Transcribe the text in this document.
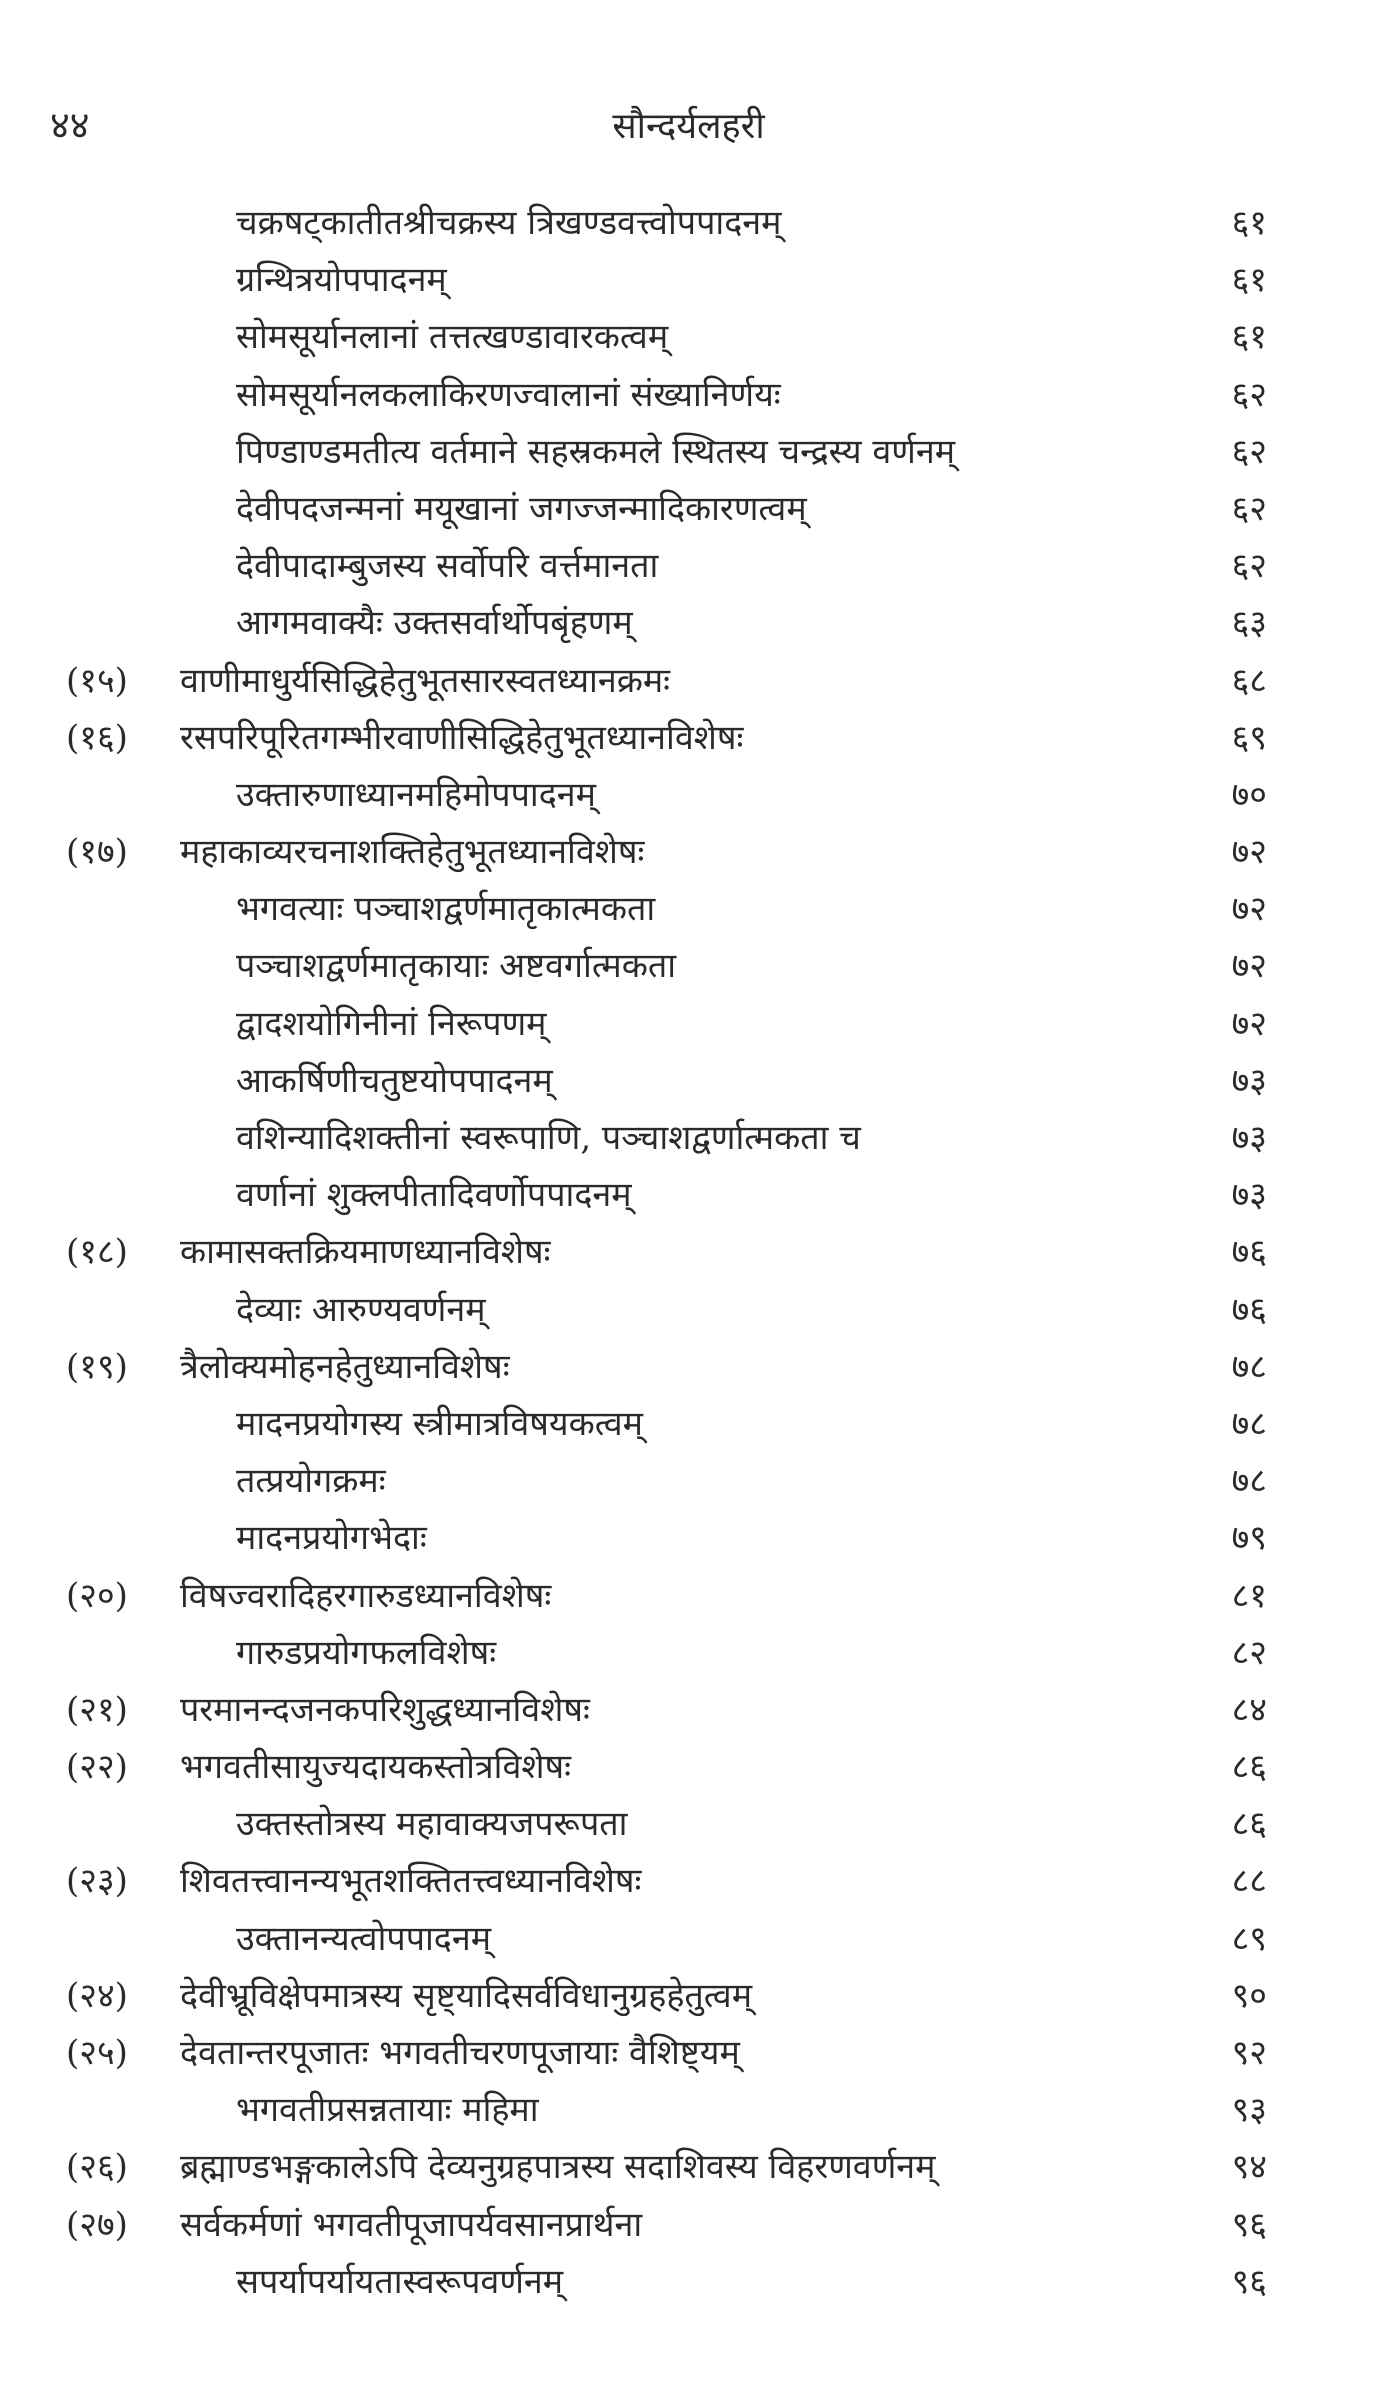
४४	सौन्दर्यलहरी
चक्रषट्कातीतश्रीचक्रस्य त्रिखण्डवत्त्वोपपादनम्	६१
ग्रन्थित्रयोपपादनम्	६१
सोमसूर्यानलानां तत्तत्खण्डावारकत्वम्	६१
सोमसूर्यानलकलाकिरणज्वालानां संख्यानिर्णयः	६२
पिण्डाण्डमतीत्य वर्तमाने सहस्रकमले स्थितस्य चन्द्रस्य वर्णनम्	६२
देवीपदजन्मनां मयूखानां जगज्जन्मादिकारणत्वम्	६२
देवीपादाम्बुजस्य सर्वोपरि वर्त्तमानता	६२
आगमवाक्यैः उक्तसर्वार्थोपबृंहणम्	६३
(१५) वाणीमाधुर्यसिद्धिहेतुभूतसारस्वतध्यानक्रमः	६८
(१६) रसपरिपूरितगम्भीरवाणीसिद्धिहेतुभूतध्यानविशेषः	६९
उक्तारुणाध्यानमहिमोपपादनम्	७०
(१७) महाकाव्यरचनाशक्तिहेतुभूतध्यानविशेषः	७२
भगवत्याः पञ्चाशद्वर्णमातृकात्मकता	७२
पञ्चाशद्वर्णमातृकायाः अष्टवर्गात्मकता	७२
द्वादशयोगिनीनां निरूपणम्	७२
आकर्षिणीचतुष्टयोपपादनम्	७३
वशिन्यादिशक्तीनां स्वरूपाणि, पञ्चाशद्वर्णात्मकता च	७३
वर्णानां शुक्लपीतादिवर्णोपपादनम्	७३
(१८) कामासक्तक्रियमाणध्यानविशेषः	७६
देव्याः आरुण्यवर्णनम्	७६
(१९) त्रैलोक्यमोहनहेतुध्यानविशेषः	७८
मादनप्रयोगस्य स्त्रीमात्रविषयकत्वम्	७८
तत्प्रयोगक्रमः	७८
मादनप्रयोगभेदाः	७९
(२०) विषज्वरादिहरगारुडध्यानविशेषः	८१
गारुडप्रयोगफलविशेषः	८२
(२१) परमानन्दजनकपरिशुद्धध्यानविशेषः	८४
(२२) भगवतीसायुज्यदायकस्तोत्रविशेषः	८६
उक्तस्तोत्रस्य महावाक्यजपरूपता	८६
(२३) शिवतत्त्वानन्यभूतशक्तितत्त्वध्यानविशेषः	८८
उक्तानन्यत्वोपपादनम्	८९
(२४) देवीभ्रूविक्षेपमात्रस्य सृष्ट्यादिसर्वविधानुग्रहहेतुत्वम्	९०
(२५) देवतान्तरपूजातः भगवतीचरणपूजायाः वैशिष्ट्यम्	९२
भगवतीप्रसन्नतायाः महिमा	९३
(२६) ब्रह्माण्डभङ्गकालेऽपि देव्यनुग्रहपात्रस्य सदाशिवस्य विहरणवर्णनम्	९४
(२७) सर्वकर्मणां भगवतीपूजापर्यवसानप्रार्थना	९६
सपर्यापर्यायतास्वरूपवर्णनम्	९६
